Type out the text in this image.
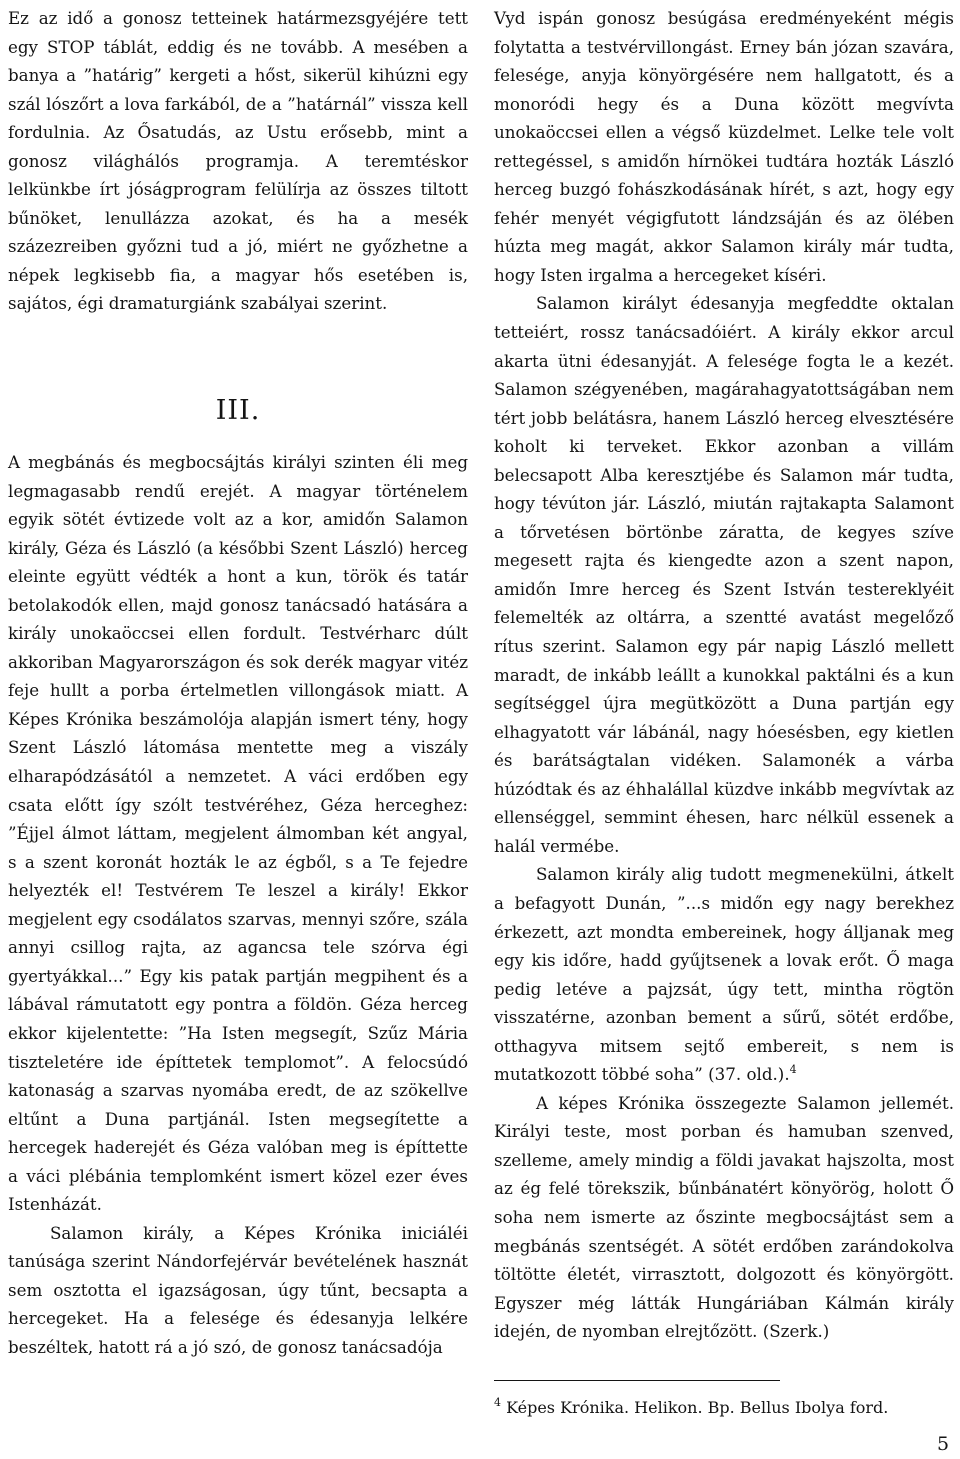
Ez az idő a gonosz tetteinek határmezsgyéjére tett egy STOP táblát, eddig és ne tovább. A mesében a banya a ”határig” kergeti a hőst, sikerül kihúzni egy szál lószőrt a lova farkából, de a ”határnál” vissza kell fordulnia. Az Ősatudás, az Ustu erősebb, mint a gonosz világhálós programja. A teremtéskor lelkünkbe írt jóságprogram felülírja az összes tiltott bűnöket, lenullázza azokat, és ha a mesék százezreiben győzni tud a jó, miért ne győzhetne a népek legkisebb fia, a magyar hős esetében is, sajátos, égi dramaturgiánk szabályai szerint.

III.

A megbánás és megbocsájtás királyi szinten éli meg legmagasabb rendű erejét. A magyar történelem egyik sötét évtizede volt az a kor, amidőn Salamon király, Géza és László (a későbbi Szent László) herceg eleinte együtt védték a hont a kun, török és tatár betolakodók ellen, majd gonosz tanácsadó hatására a király unokaöccsei ellen fordult. Testvérharc dúlt akkoriban Magyarországon és sok derék magyar vitéz feje hullt a porba értelmetlen villongások miatt. A Képes Krónika beszámolója alapján ismert tény, hogy Szent László látomása mentette meg a viszály elharapódzásától a nemzetet. A váci erdőben egy csata előtt így szólt testvéréhez, Géza herceghez: ”Éjjel álmot láttam, megjelent álmomban két angyal, s a szent koronát hozták le az égből, s a Te fejedre helyezték el! Testvérem Te leszel a király! Ekkor megjelent egy csodálatos szarvas, mennyi szőre, szála annyi csillog rajta, az agancsa tele szórva égi gyertyákkal...” Egy kis patak partján megpihent és a lábával rámutatott egy pontra a földön. Géza herceg ekkor kijelentette: ”Ha Isten megsegít, Szűz Mária tiszteletére ide építtetek templomot”. A felocsúdó katonaság a szarvas nyomába eredt, de az szökellve eltűnt a Duna partjánál. Isten megsegítette a hercegek haderejét és Géza valóban meg is építtette a váci plébánia templomként ismert közel ezer éves Istenházát.

Salamon király, a Képes Krónika iniciáléi tanúsága szerint Nándorfejérvár bevételének hasznát sem osztotta el igazságosan, úgy tűnt, becsapta a hercegeket. Ha a felesége és édesanyja lelkére beszéltek, hatott rá a jó szó, de gonosz tanácsadója

Vyd ispán gonosz besúgása eredményeként mégis folytatta a testvérvillongást. Erney bán józan szavára, felesége, anyja könyörgésére nem hallgatott, és a monoródi hegy és a Duna között megvívta unokaöccsei ellen a végső küzdelmet. Lelke tele volt rettegéssel, s amidőn hírnökei tudtára hozták László herceg buzgó fohászkodásának hírét, s azt, hogy egy fehér menyét végigfutott lándzsáján és az ölében húzta meg magát, akkor Salamon király már tudta, hogy Isten irgalma a hercegeket kíséri.

Salamon királyt édesanyja megfeddte oktalan tetteiért, rossz tanácsadóiért. A király ekkor arcul akarta ütni édesanyját. A felesége fogta le a kezét. Salamon szégyenében, magárahagyatottságában nem tért jobb belátásra, hanem László herceg elvesztésére koholt ki terveket. Ekkor azonban a villám belecsapott Alba keresztjébe és Salamon már tudta, hogy tévúton jár. László, miután rajtakapta Salamont a tőrvetésen börtönbe záratta, de kegyes szíve megesett rajta és kiengedte azon a szent napon, amidőn Imre herceg és Szent István testereklyéit felemelték az oltárra, a szentté avatást megelőző rítus szerint. Salamon egy pár napig László mellett maradt, de inkább leállt a kunokkal paktálni és a kun segítséggel újra megütközött a Duna partján egy elhagyatott vár lábánál, nagy hóesésben, egy kietlen és barátságtalan vidéken. Salamonék a várba húzódtak és az éhhalállal küzdve inkább megvívtak az ellenséggel, semmint éhesen, harc nélkül essenek a halál vermébe.

Salamon király alig tudott megmenekülni, átkelt a befagyott Dunán, ”...s midőn egy nagy berekhez érkezett, azt mondta embereinek, hogy álljanak meg egy kis időre, hadd gyűjtsenek a lovak erőt. Ő maga pedig letéve a pajzsát, úgy tett, mintha rögtön visszatérne, azonban bement a sűrű, sötét erdőbe, otthagyva mitsem sejtő embereit, s nem is mutatkozott többé soha” (37. old.).$^4$

A képes Krónika összegezte Salamon jellemét. Királyi teste, most porban és hamuban szenved, szelleme, amely mindig a földi javakat hajszolta, most az ég felé törekszik, bűnbánatért könyörög, holott Ő soha nem ismerte az őszinte megbocsájtást sem a megbánás szentségét. A sötét erdőben zarándokolva töltötte életét, virrasztott, dolgozott és könyörgött. Egyszer még látták Hungáriában Kálmán király idején, de nyomban elrejtőzött. (Szerk.)

$^4$ Képes Krónika. Helikon. Bp. Bellus Ibolya ford.
5
